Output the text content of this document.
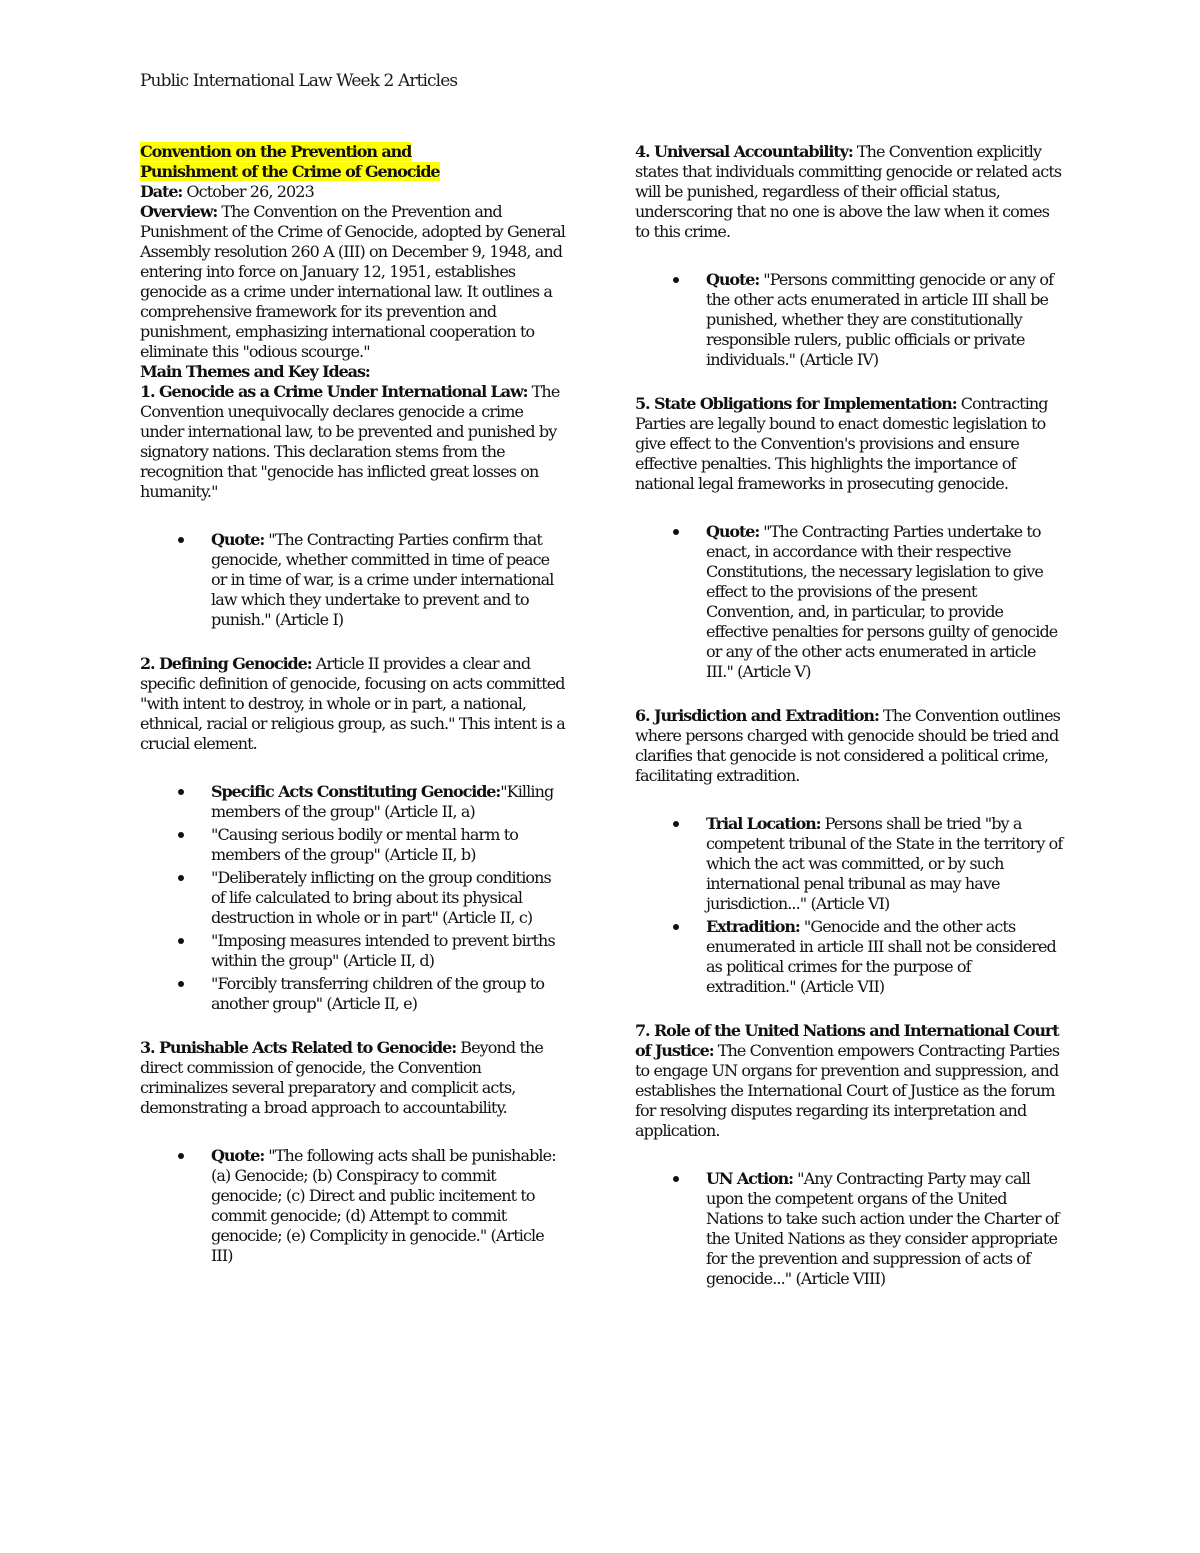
Public International Law Week 2 Articles

Convention on the Prevention and
Punishment of the Crime of Genocide

Date: October 26, 2023

Overview: The Convention on the Prevention and Punishment of the Crime of Genocide, adopted by General Assembly resolution 260 A (III) on December 9, 1948, and entering into force on January 12, 1951, establishes genocide as a crime under international law. It outlines a comprehensive framework for its prevention and punishment, emphasizing international cooperation to eliminate this "odious scourge."

Main Themes and Key Ideas:

1. Genocide as a Crime Under International Law: The Convention unequivocally declares genocide a crime under international law, to be prevented and punished by signatory nations. This declaration stems from the recognition that "genocide has inflicted great losses on humanity."

Quote: "The Contracting Parties confirm that genocide, whether committed in time of peace or in time of war, is a crime under international law which they undertake to prevent and to punish." (Article I)

2. Defining Genocide: Article II provides a clear and specific definition of genocide, focusing on acts committed "with intent to destroy, in whole or in part, a national, ethnical, racial or religious group, as such." This intent is a crucial element.

Specific Acts Constituting Genocide:"Killing members of the group" (Article II, a)
"Causing serious bodily or mental harm to members of the group" (Article II, b)
"Deliberately inflicting on the group conditions of life calculated to bring about its physical destruction in whole or in part" (Article II, c)
"Imposing measures intended to prevent births within the group" (Article II, d)
"Forcibly transferring children of the group to another group" (Article II, e)

3. Punishable Acts Related to Genocide: Beyond the direct commission of genocide, the Convention criminalizes several preparatory and complicit acts, demonstrating a broad approach to accountability.

Quote: "The following acts shall be punishable: (a) Genocide; (b) Conspiracy to commit genocide; (c) Direct and public incitement to commit genocide; (d) Attempt to commit genocide; (e) Complicity in genocide." (Article III)

4. Universal Accountability: The Convention explicitly states that individuals committing genocide or related acts will be punished, regardless of their official status, underscoring that no one is above the law when it comes to this crime.

Quote: "Persons committing genocide or any of the other acts enumerated in article III shall be punished, whether they are constitutionally responsible rulers, public officials or private individuals." (Article IV)

5. State Obligations for Implementation: Contracting Parties are legally bound to enact domestic legislation to give effect to the Convention's provisions and ensure effective penalties. This highlights the importance of national legal frameworks in prosecuting genocide.

Quote: "The Contracting Parties undertake to enact, in accordance with their respective Constitutions, the necessary legislation to give effect to the provisions of the present Convention, and, in particular, to provide effective penalties for persons guilty of genocide or any of the other acts enumerated in article III." (Article V)

6. Jurisdiction and Extradition: The Convention outlines where persons charged with genocide should be tried and clarifies that genocide is not considered a political crime, facilitating extradition.

Trial Location: Persons shall be tried "by a competent tribunal of the State in the territory of which the act was committed, or by such international penal tribunal as may have jurisdiction..." (Article VI)
Extradition: "Genocide and the other acts enumerated in article III shall not be considered as political crimes for the purpose of extradition." (Article VII)

7. Role of the United Nations and International Court of Justice: The Convention empowers Contracting Parties to engage UN organs for prevention and suppression, and establishes the International Court of Justice as the forum for resolving disputes regarding its interpretation and application.

UN Action: "Any Contracting Party may call upon the competent organs of the United Nations to take such action under the Charter of the United Nations as they consider appropriate for the prevention and suppression of acts of genocide..." (Article VIII)
